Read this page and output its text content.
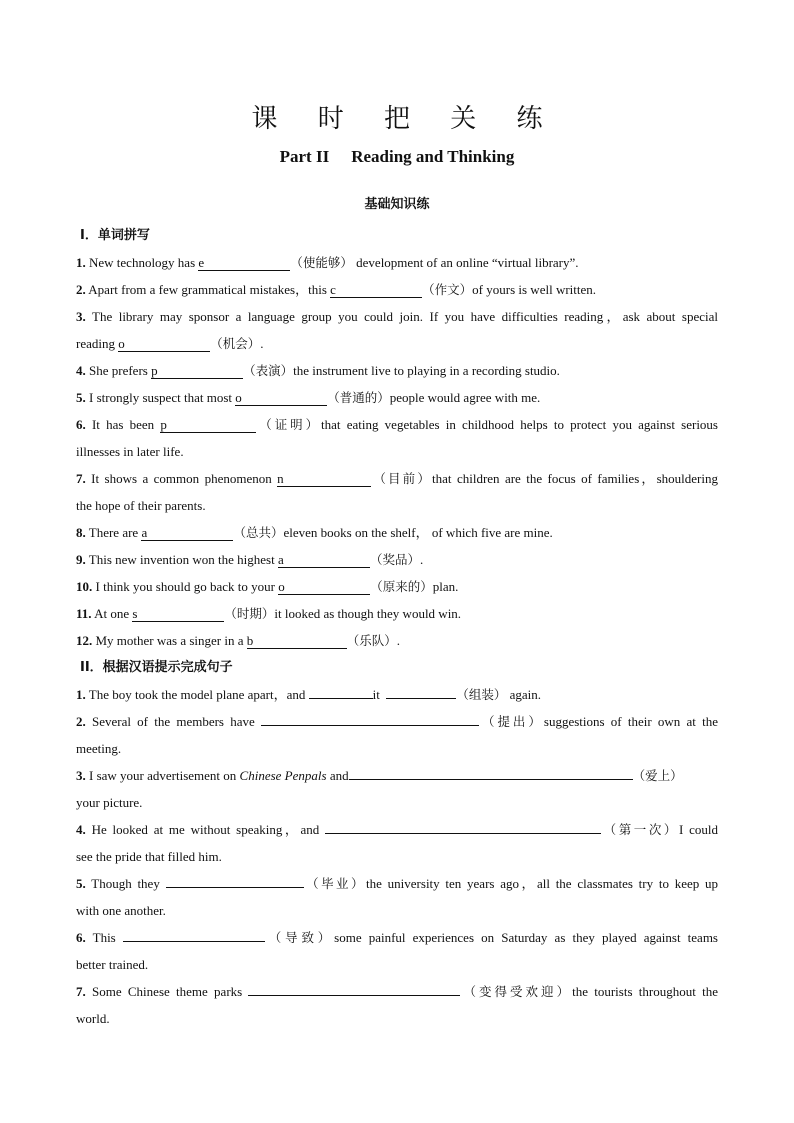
课 时 把 关 练
Part II Reading and Thinking
基础知识练
I．单词拼写
1. New technology has e	（使能够） development of an online “virtual library”.
2. Apart from a few grammatical mistakes，this c	（作文）of yours is well written.
3. The library may sponsor a language group you could join. If you have difficulties reading，ask about special
reading o	（机会）.
4. She prefers p	（表演）the instrument live to playing in a recording studio.
5. I strongly suspect that most o	（普通的）people would agree with me.
6. It has been p	（证明）that eating vegetables in childhood helps to protect you against serious
illnesses in later life.
7. It shows a common phenomenon n	（目前）that children are the focus of families，shouldering
the hope of their parents.
8. There are a	（总共）eleven books on the shelf， of which five are mine.
9. This new invention won the highest a	（奖品）.
10. I think you should go back to your o	（原来的）plan.
11. At one s	（时期）it looked as though they would win.
12. My mother was a singer in a b	（乐队）.
II．根据汉语提示完成句子
1. The boy took the model plane apart，and	it	（组装） again.
2. Several of the members have	（提出）suggestions of their own at the
meeting.
3. I saw your advertisement on Chinese Penpals and	（爱上）
your picture.
4. He looked at me without speaking，and	（第一次）I could
see the pride that filled him.
5. Though they	（毕业）the university ten years ago，all the classmates try to keep up
with one another.
6. This	（导致）some painful experiences on Saturday as they played against teams
better trained.
7. Some Chinese theme parks	（变得受欢迎）the tourists throughout the
world.
